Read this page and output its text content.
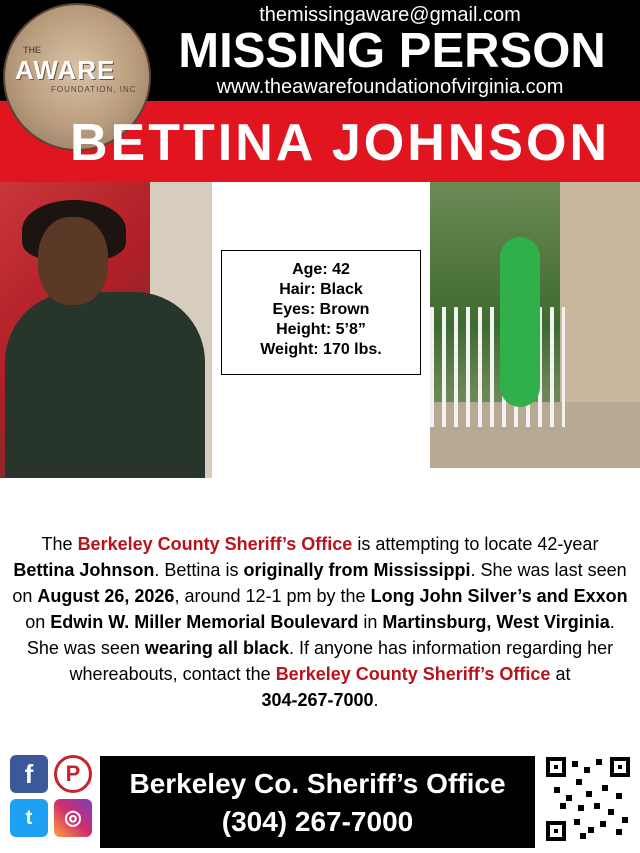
THE
AWARE
FOUNDATION, INC
themissingaware@gmail.com
MISSING PERSON
www.theawarefoundationofvirginia.com
BETTINA JOHNSON
Age: 42
Hair: Black
Eyes: Brown
Height: 5’8”
Weight: 170 lbs.
The Berkeley County Sheriff’s Office is attempting to locate 42-year Bettina Johnson. Bettina is originally from Mississippi. She was last seen on August 26, 2026, around 12-1 pm by the Long John Silver’s and Exxon on Edwin W. Miller Memorial Boulevard in Martinsburg, West Virginia. She was seen wearing all black. If anyone has information regarding her whereabouts, contact the Berkeley County Sheriff’s Office at
304-267-7000.
f	P
t	◎
Berkeley Co. Sheriff’s Office
(304) 267-7000
